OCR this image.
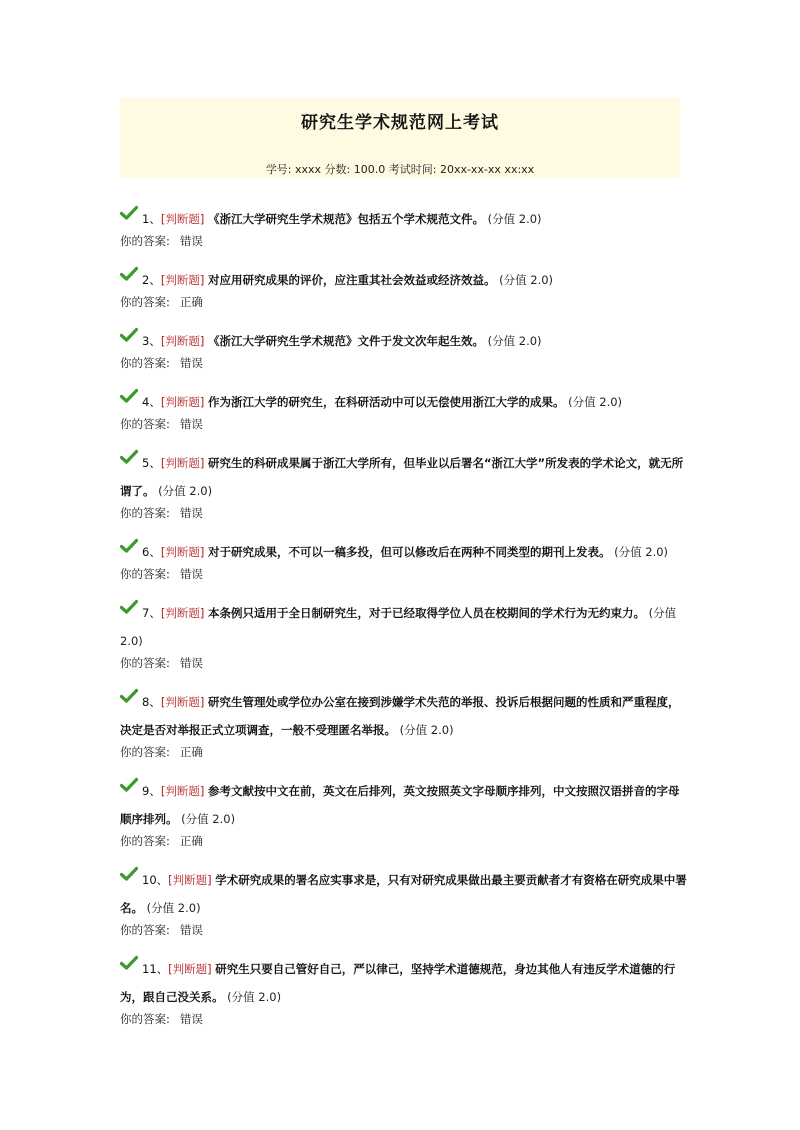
研究生学术规范网上考试
学号: xxxx 分数: 100.0 考试时间: 20xx-xx-xx xx:xx
1、[判断题] 《浙江大学研究生学术规范》包括五个学术规范文件。 (分值 2.0)
你的答案: 错误
2、[判断题] 对应用研究成果的评价，应注重其社会效益或经济效益。 (分值 2.0)
你的答案: 正确
3、[判断题] 《浙江大学研究生学术规范》文件于发文次年起生效。 (分值 2.0)
你的答案: 错误
4、[判断题] 作为浙江大学的研究生，在科研活动中可以无偿使用浙江大学的成果。 (分值 2.0)
你的答案: 错误
5、[判断题] 研究生的科研成果属于浙江大学所有，但毕业以后署名“浙江大学”所发表的学术论文，就无所谓了。 (分值 2.0)
你的答案: 错误
6、[判断题] 对于研究成果，不可以一稿多投，但可以修改后在两种不同类型的期刊上发表。 (分值 2.0)
你的答案: 错误
7、[判断题] 本条例只适用于全日制研究生，对于已经取得学位人员在校期间的学术行为无约束力。 (分值 2.0)
你的答案: 错误
8、[判断题] 研究生管理处或学位办公室在接到涉嫌学术失范的举报、投诉后根据问题的性质和严重程度，决定是否对举报正式立项调查，一般不受理匿名举报。 (分值 2.0)
你的答案: 正确
9、[判断题] 参考文献按中文在前，英文在后排列，英文按照英文字母顺序排列，中文按照汉语拼音的字母顺序排列。 (分值 2.0)
你的答案: 正确
10、[判断题] 学术研究成果的署名应实事求是，只有对研究成果做出最主要贡献者才有资格在研究成果中署名。 (分值 2.0)
你的答案: 错误
11、[判断题] 研究生只要自己管好自己，严以律己，坚持学术道德规范，身边其他人有违反学术道德的行为，跟自己没关系。 (分值 2.0)
你的答案: 错误
